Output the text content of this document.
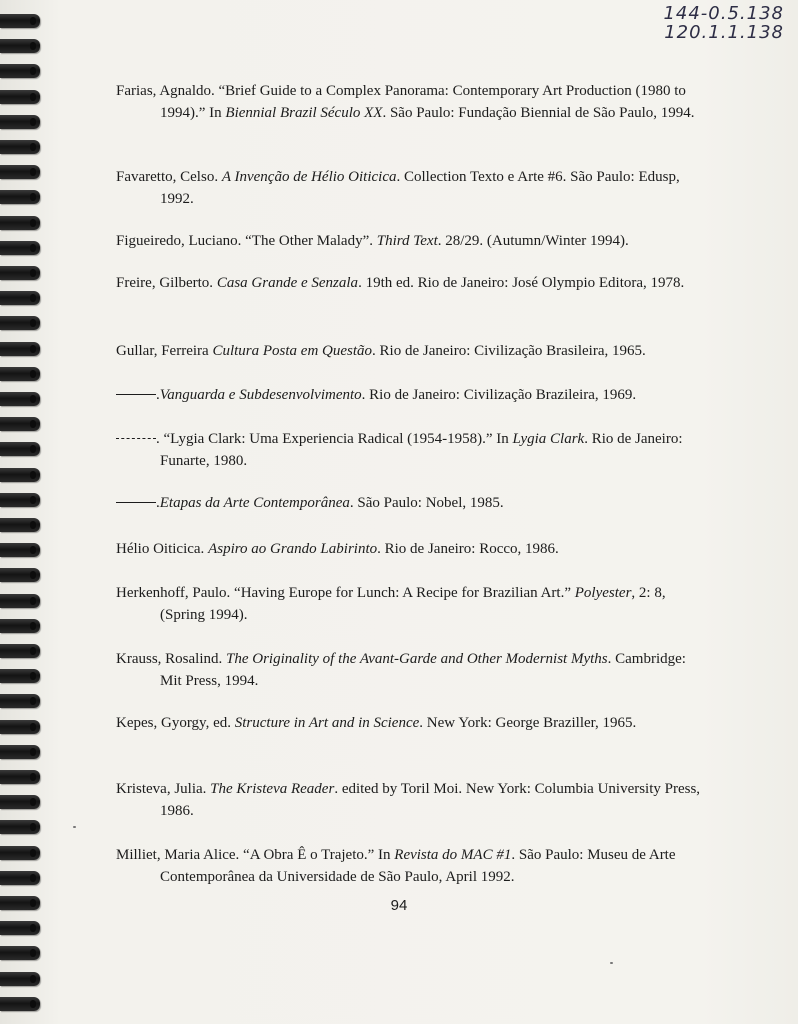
144-0.5.138
120.1.1.138
Farias, Agnaldo. “Brief Guide to a Complex Panorama: Contemporary Art Production (1980 to 1994).” In Biennial Brazil Século XX. São Paulo: Fundação Biennial de São Paulo, 1994.
Favaretto, Celso. A Invenção de Hélio Oiticica. Collection Texto e Arte #6. São Paulo: Edusp, 1992.
Figueiredo, Luciano. “The Other Malady”. Third Text. 28/29. (Autumn/Winter 1994).
Freire, Gilberto. Casa Grande e Senzala. 19th ed. Rio de Janeiro: José Olympio Editora, 1978.
Gullar, Ferreira Cultura Posta em Questão. Rio de Janeiro: Civilização Brasileira, 1965.
.Vanguarda e Subdesenvolvimento. Rio de Janeiro: Civilização Brazileira, 1969.
. “Lygia Clark: Uma Experiencia Radical (1954-1958).” In Lygia Clark. Rio de Janeiro: Funarte, 1980.
.Etapas da Arte Contemporânea. São Paulo: Nobel, 1985.
Hélio Oiticica. Aspiro ao Grando Labirinto. Rio de Janeiro: Rocco, 1986.
Herkenhoff, Paulo. “Having Europe for Lunch: A Recipe for Brazilian Art.” Polyester, 2: 8, (Spring 1994).
Krauss, Rosalind. The Originality of the Avant-Garde and Other Modernist Myths. Cambridge: Mit Press, 1994.
Kepes, Gyorgy, ed. Structure in Art and in Science. New York: George Braziller, 1965.
Kristeva, Julia. The Kristeva Reader. edited by Toril Moi. New York: Columbia University Press, 1986.
Milliet, Maria Alice. “A Obra Ê o Trajeto.” In Revista do MAC #1. São Paulo: Museu de Arte Contemporânea da Universidade de São Paulo, April 1992.
94
